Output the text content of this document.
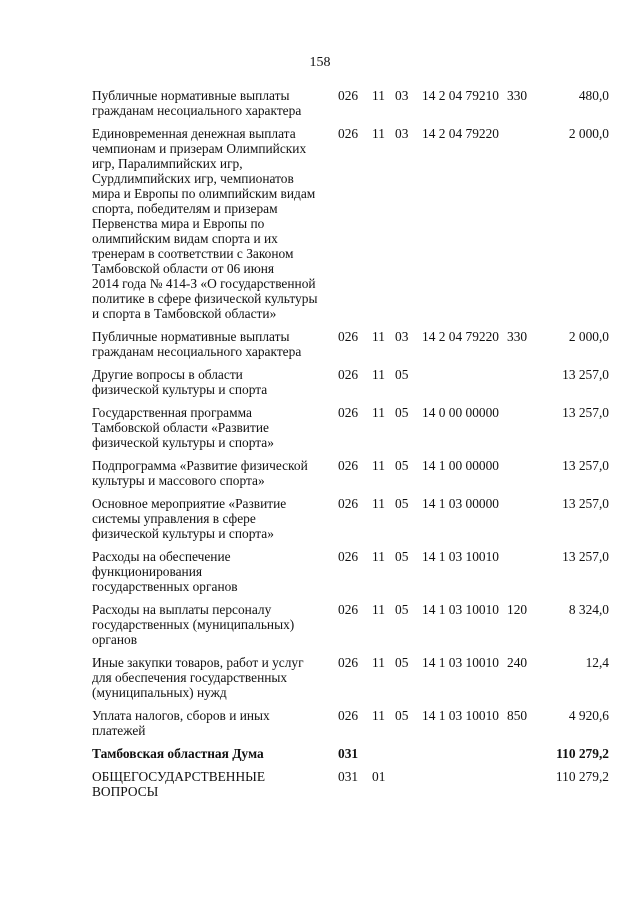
158
Публичные нормативные выплаты
гражданам несоциального характера
026 11 03 14 2 04 79210 330	480,0
Единовременная денежная выплата
чемпионам и призерам Олимпийских
игр, Паралимпийских игр,
Сурдлимпийских игр, чемпионатов
мира и Европы по олимпийским видам
спорта, победителям и призерам
Первенства мира и Европы по
олимпийским видам спорта и их
тренерам в соответствии с Законом
Тамбовской области от 06 июня
2014 года № 414-З «О государственной
политике в сфере физической культуры
и спорта в Тамбовской области»
026 11 03 14 2 04 79220	2 000,0
Публичные нормативные выплаты
гражданам несоциального характера
026 11 03 14 2 04 79220 330	2 000,0
Другие вопросы в области
физической культуры и спорта
026 11 05	13 257,0
Государственная программа
Тамбовской области «Развитие
физической культуры и спорта»
026 11 05 14 0 00 00000	13 257,0
Подпрограмма «Развитие физической
культуры и массового спорта»
026 11 05 14 1 00 00000	13 257,0
Основное мероприятие «Развитие
системы управления в сфере
физической культуры и спорта»
026 11 05 14 1 03 00000	13 257,0
Расходы на обеспечение
функционирования
государственных органов
026 11 05 14 1 03 10010	13 257,0
Расходы на выплаты персоналу
государственных (муниципальных)
органов
026 11 05 14 1 03 10010 120	8 324,0
Иные закупки товаров, работ и услуг
для обеспечения государственных
(муниципальных) нужд
026 11 05 14 1 03 10010 240	12,4
Уплата налогов, сборов и иных
платежей
026 11 05 14 1 03 10010 850	4 920,6
Тамбовская областная Дума	031	110 279,2
ОБЩЕГОСУДАРСТВЕННЫЕ
ВОПРОСЫ
031 01	110 279,2
